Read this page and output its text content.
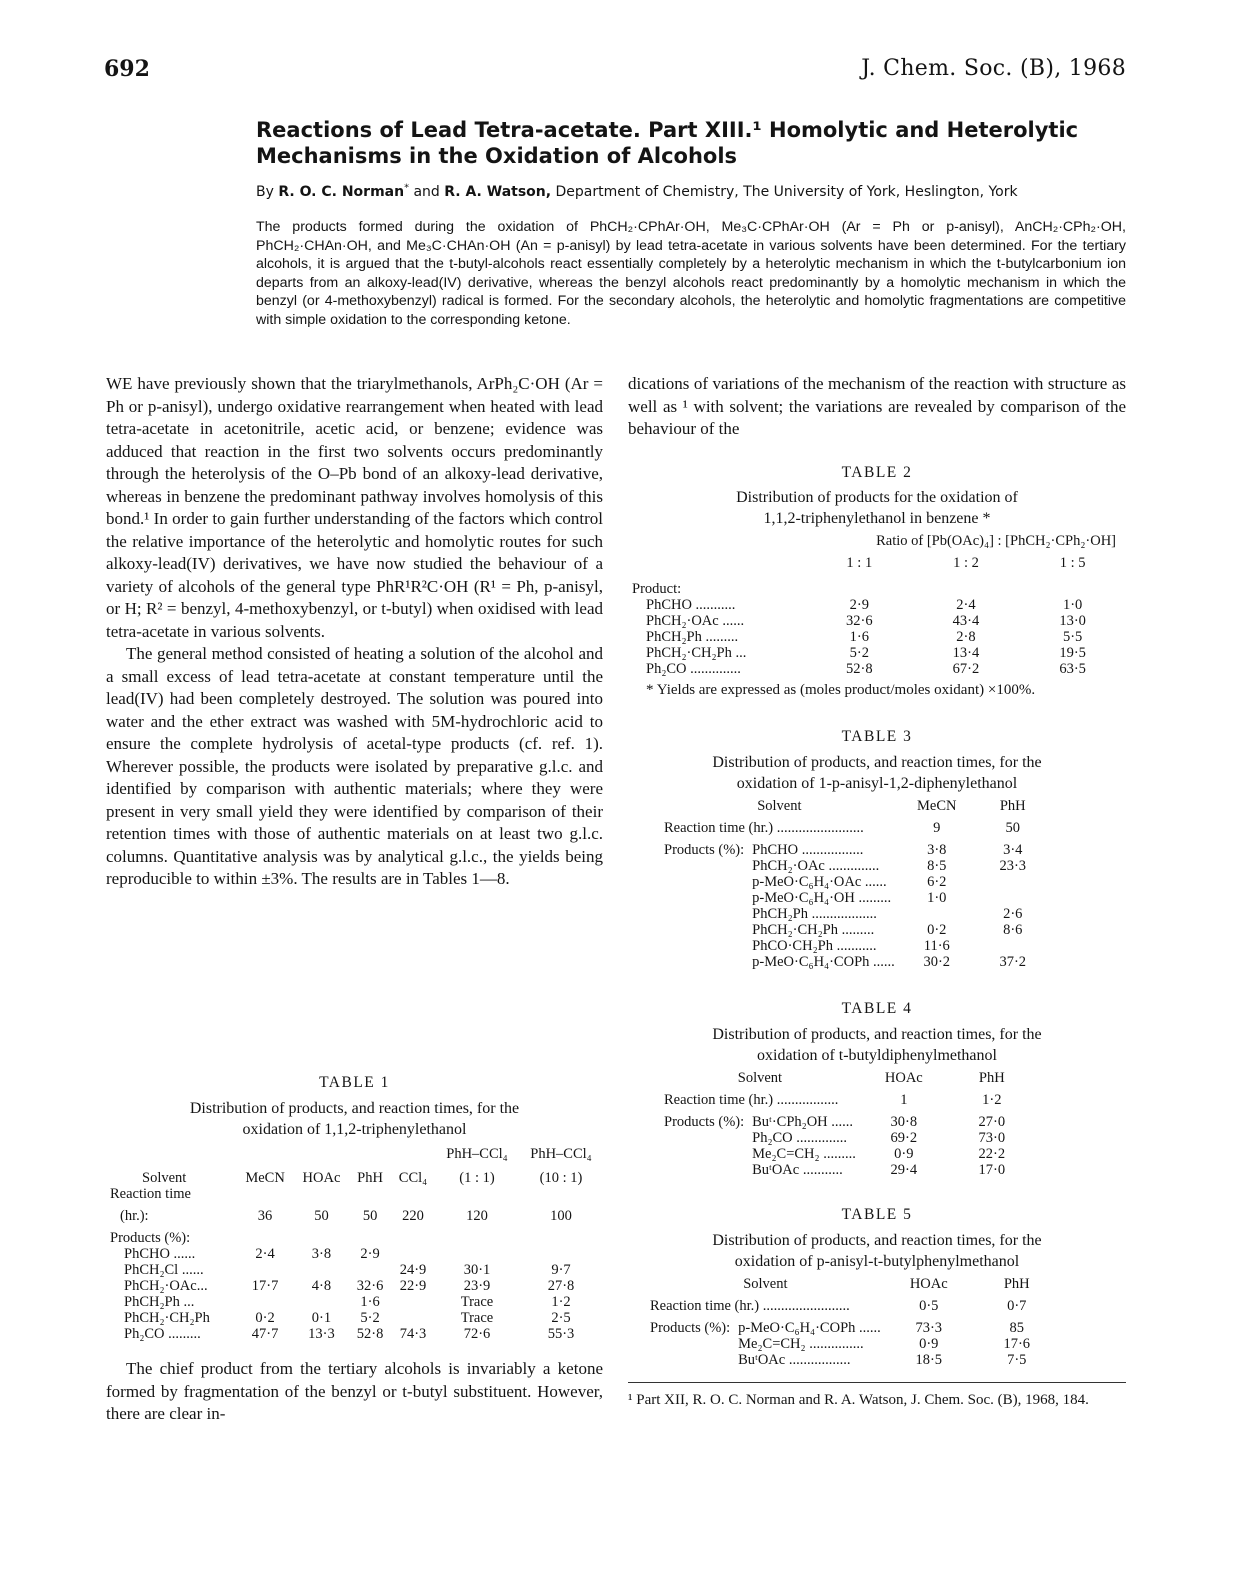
692	J. Chem. Soc. (B), 1968
Reactions of Lead Tetra-acetate. Part XIII.¹ Homolytic and Heterolytic Mechanisms in the Oxidation of Alcohols
By R. O. C. Norman* and R. A. Watson, Department of Chemistry, The University of York, Heslington, York
The products formed during the oxidation of PhCH₂·CPhAr·OH, Me₃C·CPhAr·OH (Ar = Ph or p-anisyl), AnCH₂·CPh₂·OH, PhCH₂·CHAn·OH, and Me₃C·CHAn·OH (An = p-anisyl) by lead tetra-acetate in various solvents have been determined. For the tertiary alcohols, it is argued that the t-butyl-alcohols react essentially completely by a heterolytic mechanism in which the t-butylcarbonium ion departs from an alkoxy-lead(IV) derivative, whereas the benzyl alcohols react predominantly by a homolytic mechanism in which the benzyl (or 4-methoxybenzyl) radical is formed. For the secondary alcohols, the heterolytic and homolytic fragmentations are competitive with simple oxidation to the corresponding ketone.

WE have previously shown that the triarylmethanols, ArPh₂C·OH (Ar = Ph or p-anisyl), undergo oxidative rearrangement when heated with lead tetra-acetate in acetonitrile, acetic acid, or benzene; evidence was adduced that reaction in the first two solvents occurs predominantly through the heterolysis of the O–Pb bond of an alkoxy-lead derivative, whereas in benzene the predominant pathway involves homolysis of this bond.¹ In order to gain further understanding of the factors which control the relative importance of the heterolytic and homolytic routes for such alkoxy-lead(IV) derivatives, we have now studied the behaviour of a variety of alcohols of the general type PhR¹R²C·OH (R¹ = Ph, p-anisyl, or H; R² = benzyl, 4-methoxybenzyl, or t-butyl) when oxidised with lead tetra-acetate in various solvents.

The general method consisted of heating a solution of the alcohol and a small excess of lead tetra-acetate at constant temperature until the lead(IV) had been completely destroyed. The solution was poured into water and the ether extract was washed with 5M-hydrochloric acid to ensure the complete hydrolysis of acetal-type products (cf. ref. 1). Wherever possible, the products were isolated by preparative g.l.c. and identified by comparison with authentic materials; where they were present in very small yield they were identified by comparison of their retention times with those of authentic materials on at least two g.l.c. columns. Quantitative analysis was by analytical g.l.c., the yields being reproducible to within ±3%. The results are in Tables 1—8.

TABLE 1
Distribution of products, and reaction times, for the
oxidation of 1,1,2-triphenylethanol
					PhH–CCl₄	PhH–CCl₄
Solvent	MeCN	HOAc	PhH	CCl₄	(1 : 1)	(10 : 1)
Reaction time						
(hr.):	36	50	50	220	120	100
Products (%):						
PhCHO ......	2·4	3·8	2·9			
PhCH₂Cl ......				24·9	30·1	9·7
PhCH₂·OAc...	17·7	4·8	32·6	22·9	23·9	27·8
PhCH₂Ph ...			1·6		Trace	1·2
PhCH₂·CH₂Ph	0·2	0·1	5·2		Trace	2·5
Ph₂CO .........	47·7	13·3	52·8	74·3	72·6	55·3

The chief product from the tertiary alcohols is invariably a ketone formed by fragmentation of the benzyl or t-butyl substituent. However, there are clear in-

dications of variations of the mechanism of the reaction with structure as well as ¹ with solvent; the variations are revealed by comparison of the behaviour of the

TABLE 2
Distribution of products for the oxidation of
1,1,2-triphenylethanol in benzene *
	Ratio of [Pb(OAc)₄] : [PhCH₂·CPh₂·OH]		
	1 : 1	1 : 2	1 : 5
Product:			
PhCHO ...........	2·9	2·4	1·0
PhCH₂·OAc ......	32·6	43·4	13·0
PhCH₂Ph .........	1·6	2·8	5·5
PhCH₂·CH₂Ph ...	5·2	13·4	19·5
Ph₂CO ..............	52·8	67·2	63·5
* Yields are expressed as (moles product/moles oxidant) ×100%.
TABLE 3
Distribution of products, and reaction times, for the
oxidation of 1-p-anisyl-1,2-diphenylethanol
Solvent		MeCN	PhH
Reaction time (hr.) ........................		9	50
Products (%):	PhCHO .................	3·8	3·4
	PhCH₂·OAc ..............	8·5	23·3
	p-MeO·C₆H₄·OAc ......	6·2	
	p-MeO·C₆H₄·OH .........	1·0	
	PhCH₂Ph ..................		2·6
	PhCH₂·CH₂Ph .........	0·2	8·6
	PhCO·CH₂Ph ...........	11·6	
	p-MeO·C₆H₄·COPh ......	30·2	37·2
TABLE 4
Distribution of products, and reaction times, for the
oxidation of t-butyldiphenylmethanol
Solvent		HOAc	PhH
Reaction time (hr.) .................		1	1·2
Products (%):	Buᵗ·CPh₂OH ......	30·8	27·0
	Ph₂CO ..............	69·2	73·0
	Me₂C=CH₂ .........	0·9	22·2
	BuᵗOAc ...........	29·4	17·0
TABLE 5
Distribution of products, and reaction times, for the
oxidation of p-anisyl-t-butylphenylmethanol
Solvent		HOAc	PhH
Reaction time (hr.) ........................		0·5	0·7
Products (%):	p-MeO·C₆H₄·COPh ......	73·3	85
	Me₂C=CH₂ ...............	0·9	17·6
	BuᵗOAc .................	18·5	7·5
¹ Part XII, R. O. C. Norman and R. A. Watson, J. Chem. Soc. (B), 1968, 184.
